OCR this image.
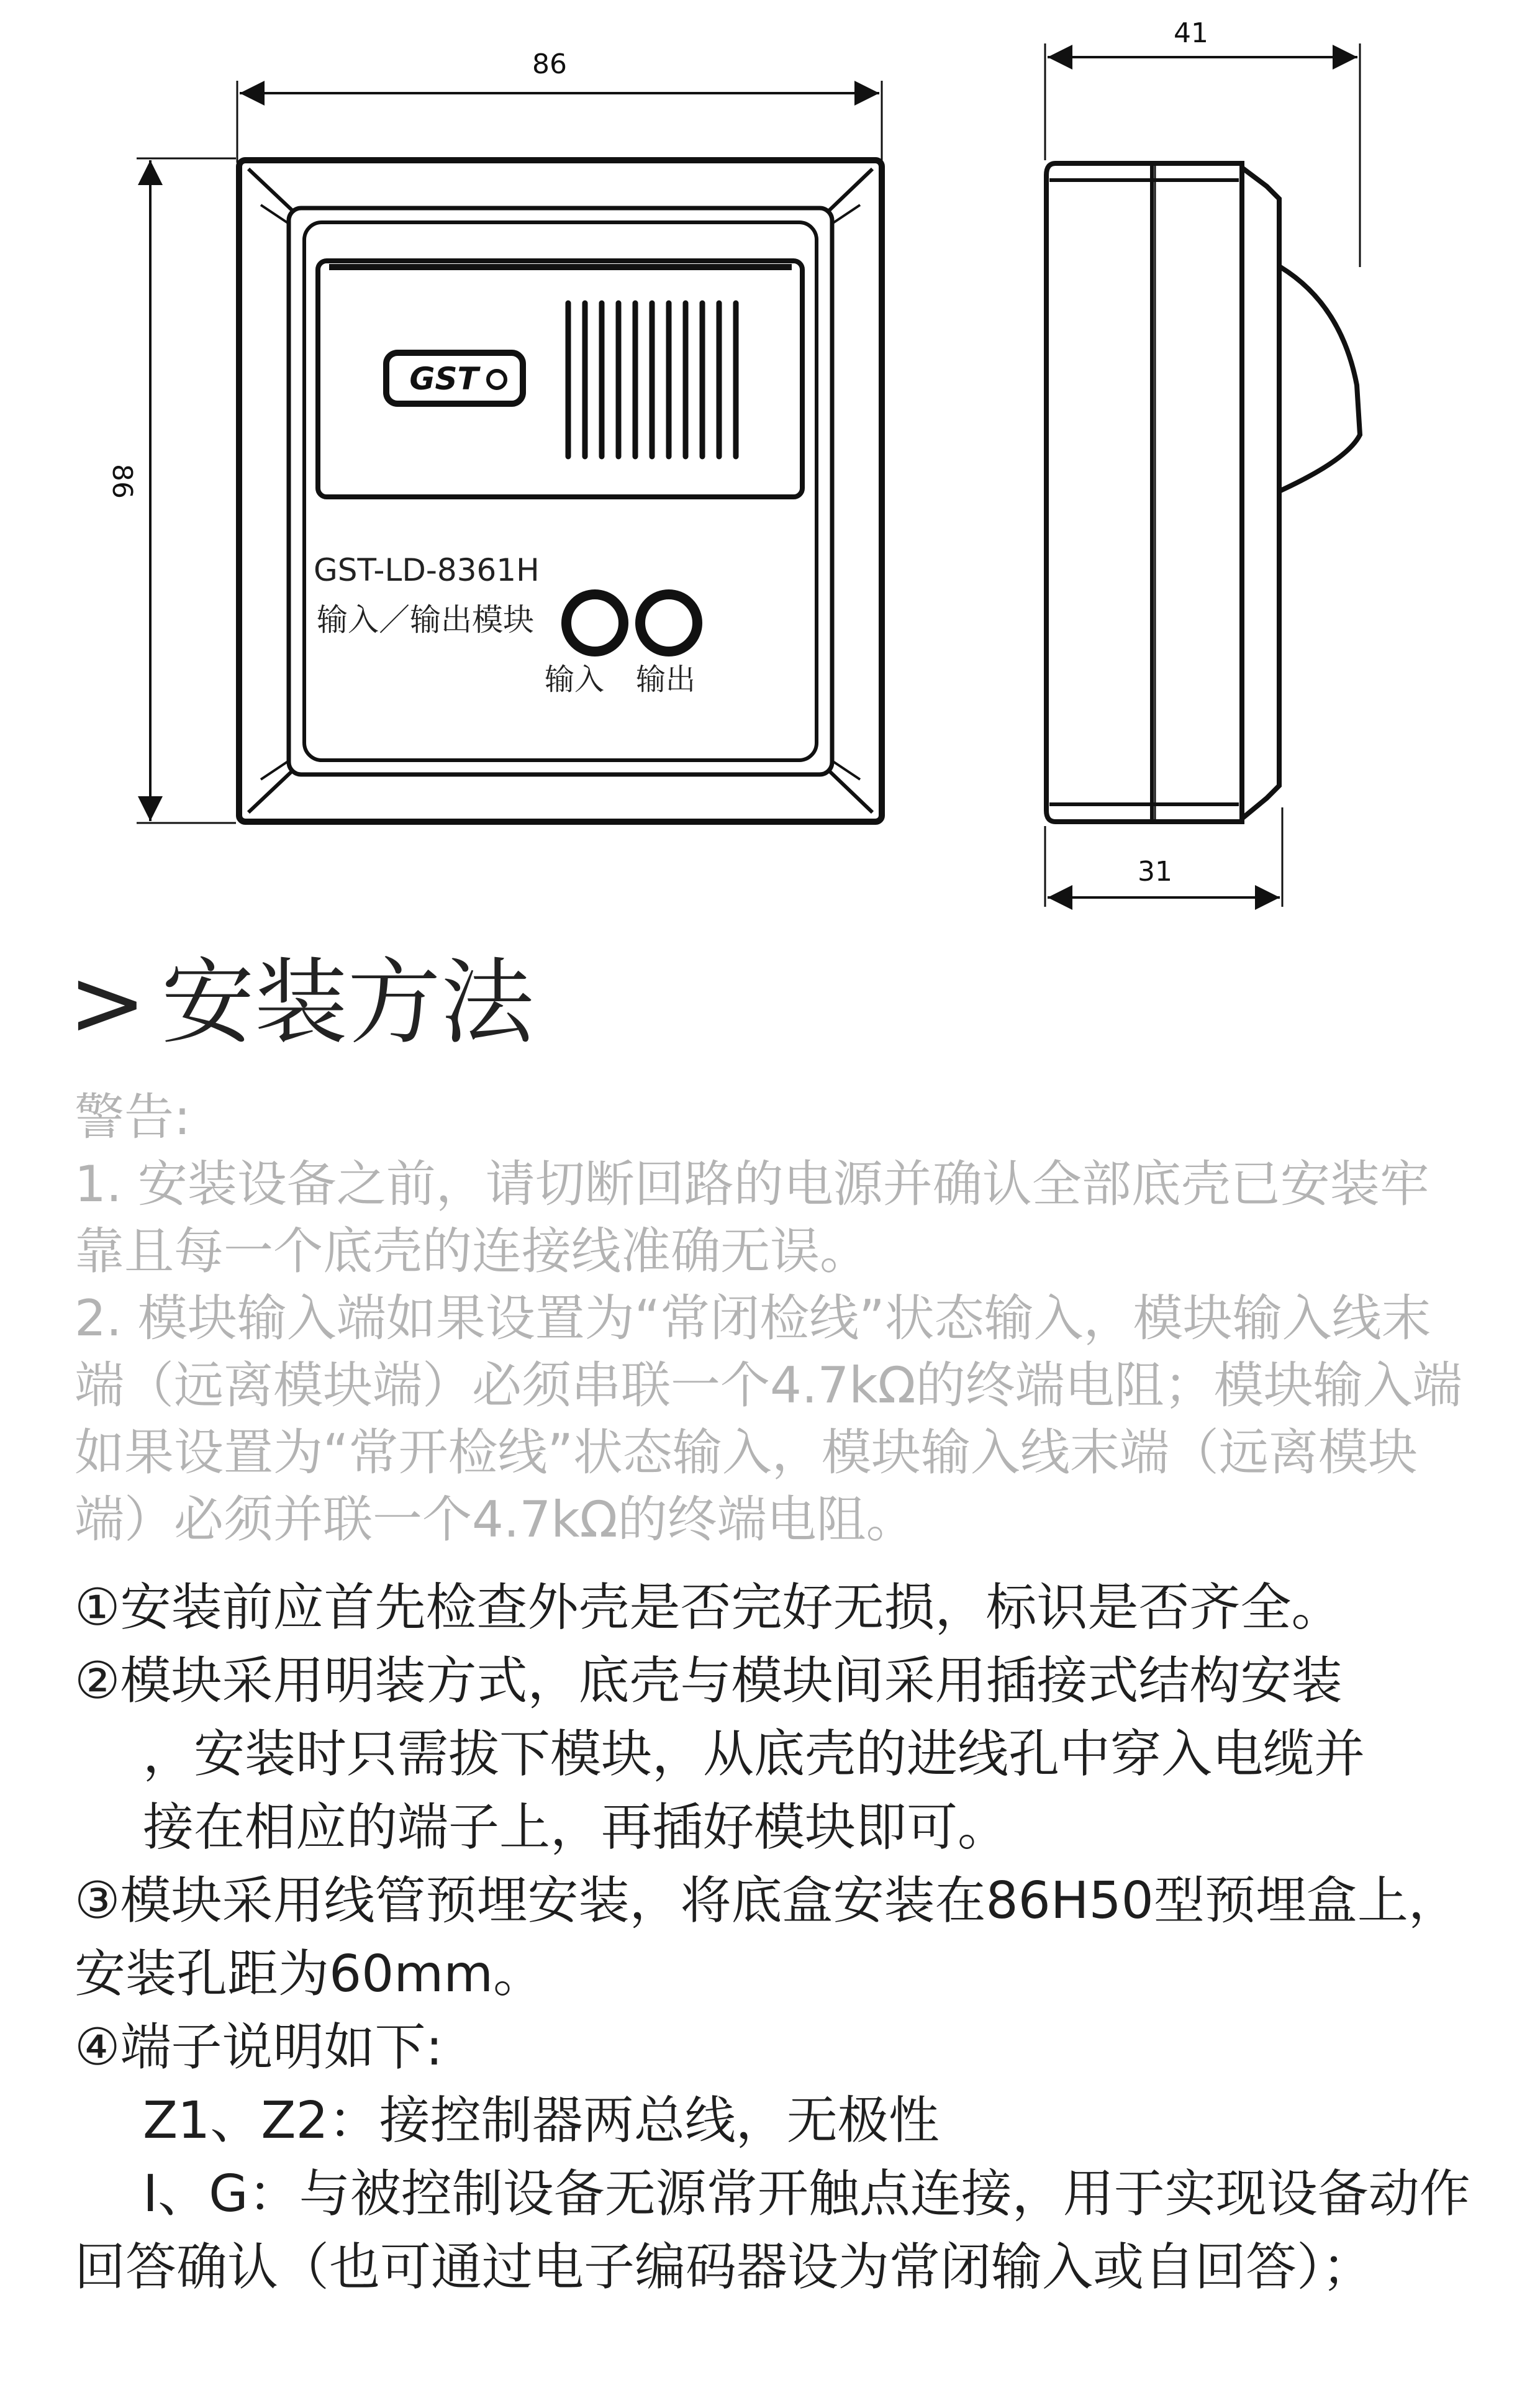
86
86
GST
GST-LD-8361H
输入／输出模块
输入 输出
41
31
> 安装方法

警告:

1. 安装设备之前，请切断回路的电源并确认全部底壳已安装牢靠且每一个底壳的连接线准确无误。

2. 模块输入端如果设置为“常闭检线”状态输入，模块输入线末端（远离模块端）必须串联一个4.7kΩ的终端电阻；模块输入端如果设置为“常开检线”状态输入，模块输入线末端（远离模块端）必须并联一个4.7kΩ的终端电阻。

①安装前应首先检查外壳是否完好无损，标识是否齐全。

②模块采用明装方式，底壳与模块间采用插接式结构安装

，安装时只需拔下模块，从底壳的进线孔中穿入电缆并

接在相应的端子上，再插好模块即可。

③模块采用线管预埋安装，将底盒安装在86H50型预埋盒上，安装孔距为60mm。

④端子说明如下:

Z1、Z2：接控制器两总线，无极性

I、G：与被控制设备无源常开触点连接，用于实现设备动作回答确认（也可通过电子编码器设为常闭输入或自回答）；
